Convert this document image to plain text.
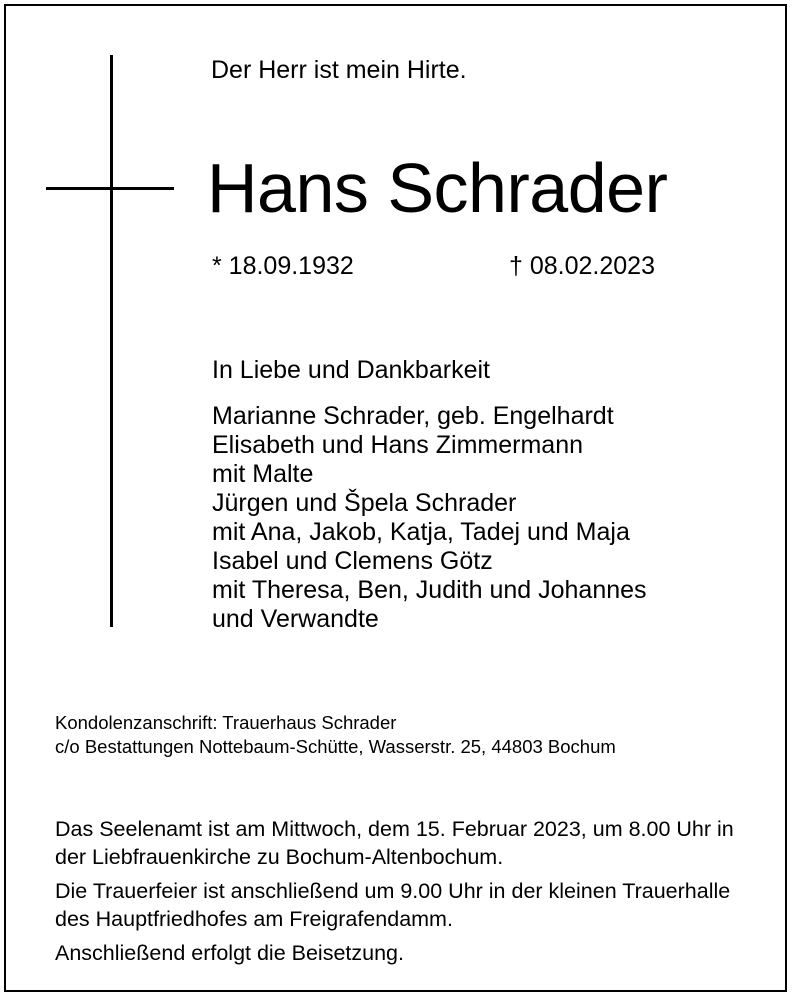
Der Herr ist mein Hirte.
Hans Schrader
* 18.09.1932	† 08.02.2023
In Liebe und Dankbarkeit
Marianne Schrader, geb. Engelhardt
Elisabeth und Hans Zimmermann
mit Malte
Jürgen und Špela Schrader
mit Ana, Jakob, Katja, Tadej und Maja
Isabel und Clemens Götz
mit Theresa, Ben, Judith und Johannes
und Verwandte
Kondolenzanschrift: Trauerhaus Schrader
c/o Bestattungen Nottebaum-Schütte, Wasserstr. 25, 44803 Bochum

Das Seelenamt ist am Mittwoch, dem 15. Februar 2023, um 8.00 Uhr in der Liebfrauenkirche zu Bochum-Altenbochum.

Die Trauerfeier ist anschließend um 9.00 Uhr in der kleinen Trauerhalle des Hauptfriedhofes am Freigrafendamm.

Anschließend erfolgt die Beisetzung.
